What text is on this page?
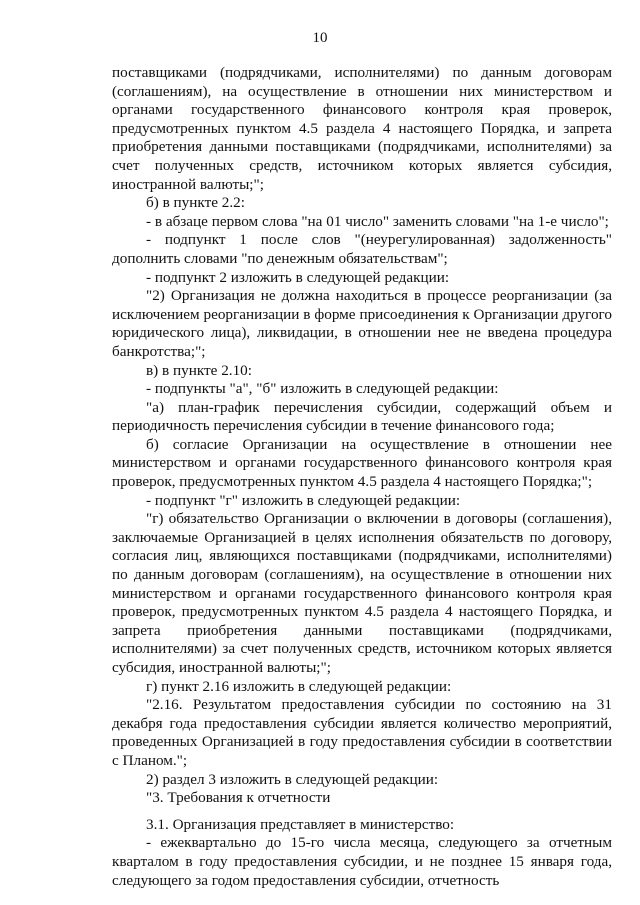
10

поставщиками (подрядчиками, исполнителями) по данным договорам (соглашениям), на осуществление в отношении них министерством и органами государственного финансового контроля края проверок, предусмотренных пунктом 4.5 раздела 4 настоящего Порядка, и запрета приобретения данными поставщиками (подрядчиками, исполнителями) за счет полученных средств, источником которых является субсидия, иностранной валюты;";

б) в пункте 2.2:

- в абзаце первом слова "на 01 число" заменить словами "на 1-е число";

- подпункт 1 после слов "(неурегулированная) задолженность" дополнить словами "по денежным обязательствам";

- подпункт 2 изложить в следующей редакции:

"2) Организация не должна находиться в процессе реорганизации (за исключением реорганизации в форме присоединения к Организации другого юридического лица), ликвидации, в отношении нее не введена процедура банкротства;";

в) в пункте 2.10:

- подпункты "а", "б" изложить в следующей редакции:

"а) план-график перечисления субсидии, содержащий объем и периодичность перечисления субсидии в течение финансового года;

б) согласие Организации на осуществление в отношении нее министерством и органами государственного финансового контроля края проверок, предусмотренных пунктом 4.5 раздела 4 настоящего Порядка;";

- подпункт "г" изложить в следующей редакции:

"г) обязательство Организации о включении в договоры (соглашения), заключаемые Организацией в целях исполнения обязательств по договору, согласия лиц, являющихся поставщиками (подрядчиками, исполнителями) по данным договорам (соглашениям), на осуществление в отношении них министерством и органами государственного финансового контроля края проверок, предусмотренных пунктом 4.5 раздела 4 настоящего Порядка, и запрета приобретения данными поставщиками (подрядчиками, исполнителями) за счет полученных средств, источником которых является субсидия, иностранной валюты;";

г) пункт 2.16 изложить в следующей редакции:

"2.16. Результатом предоставления субсидии по состоянию на 31 декабря года предоставления субсидии является количество мероприятий, проведенных Организацией в году предоставления субсидии в соответствии с Планом.";

2) раздел 3 изложить в следующей редакции:

"3. Требования к отчетности

3.1. Организация представляет в министерство:

- ежеквартально до 15-го числа месяца, следующего за отчетным кварталом в году предоставления субсидии, и не позднее 15 января года, следующего за годом предоставления субсидии, отчетность
